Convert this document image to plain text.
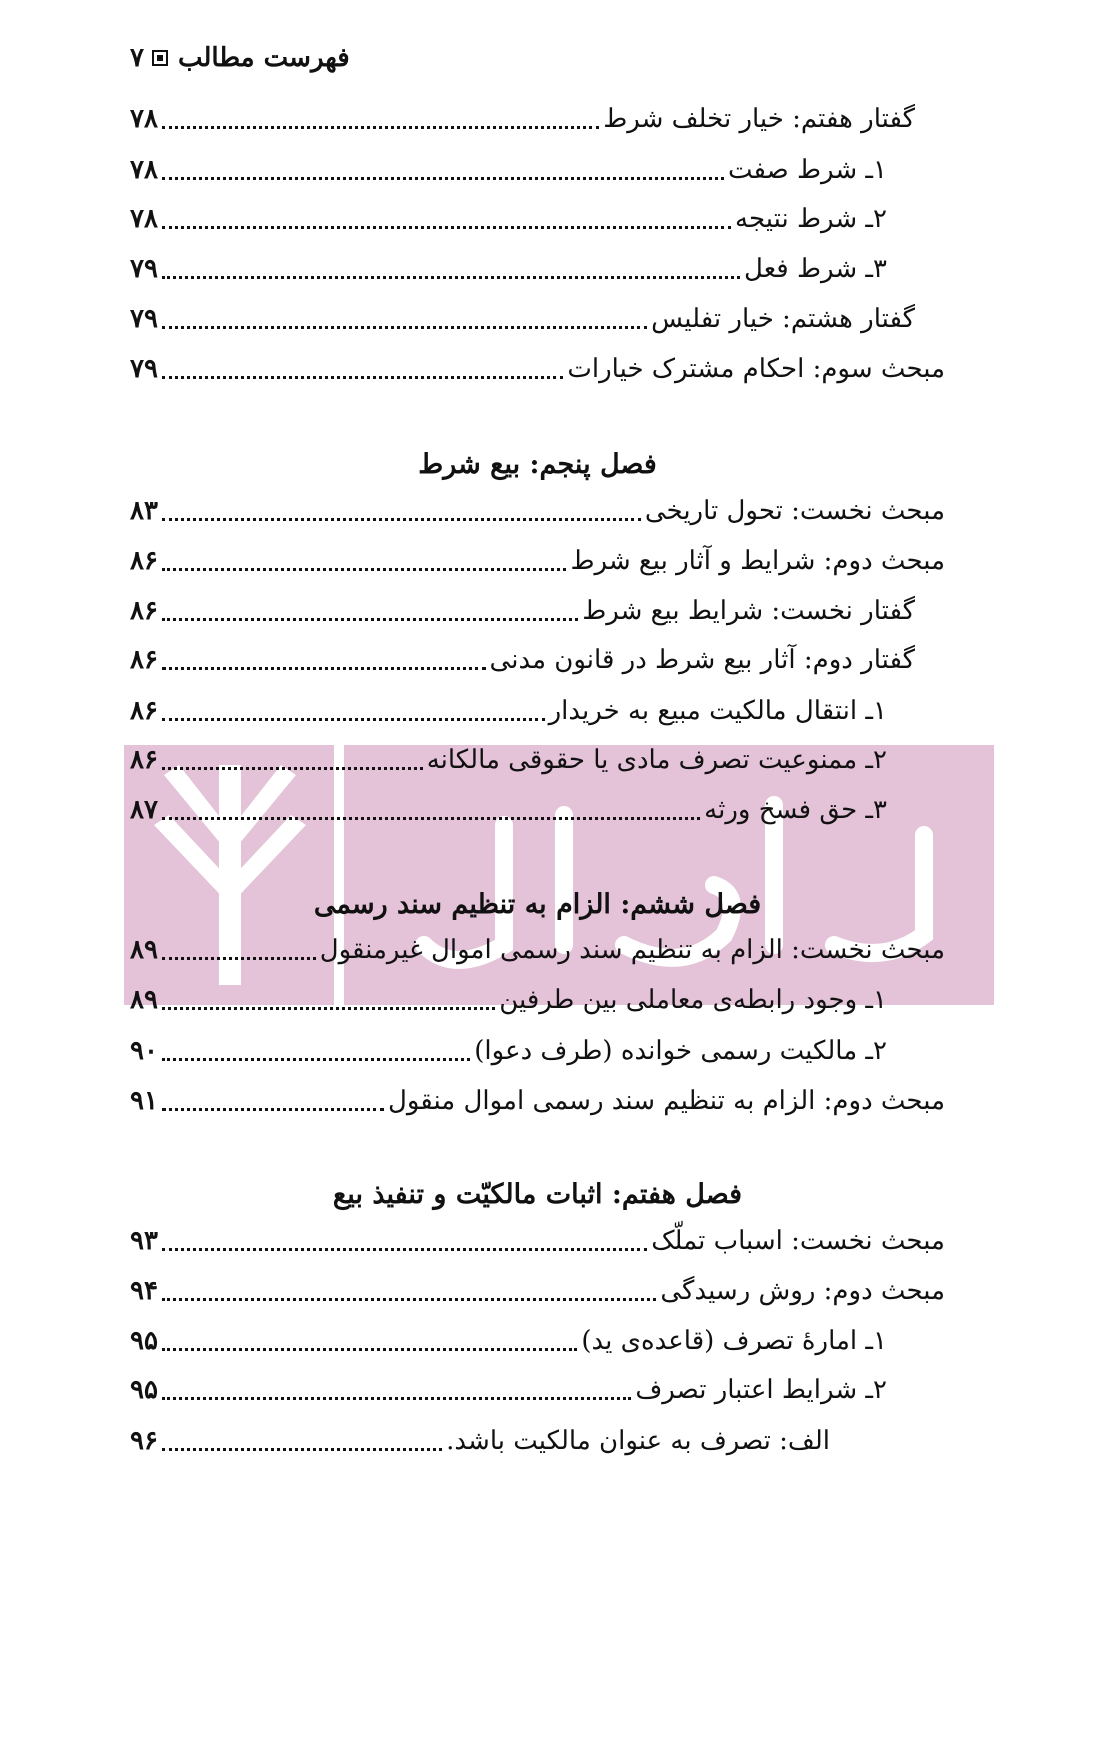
۷ فهرست مطالب
گفتار هفتم: خیار تخلف شرط
۷۸
۱ـ شرط صفت
۷۸
۲ـ شرط نتیجه
۷۸
۳ـ شرط فعل
۷۹
گفتار هشتم: خیار تفلیس
۷۹
مبحث سوم: احکام مشترک خیارات
۷۹
فصل پنجم: بیع شرط
مبحث نخست: تحول تاریخی
۸۳
مبحث دوم: شرایط و آثار بیع شرط
۸۶
گفتار نخست: شرایط بیع شرط
۸۶
گفتار دوم: آثار بیع شرط در قانون مدنی
۸۶
۱ـ انتقال مالکیت مبیع به خریدار
۸۶
۲ـ ممنوعیت تصرف مادی یا حقوقی مالکانه
۸۶
۳ـ حق فسخ ورثه
۸۷
فصل ششم: الزام به تنظیم سند رسمی
مبحث نخست: الزام به تنظیم سند رسمی اموال غیرمنقول
۸۹
۱ـ وجود رابطه‌ی معاملی بین طرفین
۸۹
۲ـ مالکیت رسمی خوانده (طرف دعوا)
۹۰
مبحث دوم: الزام به تنظیم سند رسمی اموال منقول
۹۱
فصل هفتم: اثبات مالکیّت و تنفیذ بیع
مبحث نخست: اسباب تملّک
۹۳
مبحث دوم: روش رسیدگی
۹۴
۱ـ امارهٔ تصرف (قاعده‌ی ید)
۹۵
۲ـ شرایط اعتبار تصرف
۹۵
الف: تصرف به عنوان مالکیت باشد.
۹۶
